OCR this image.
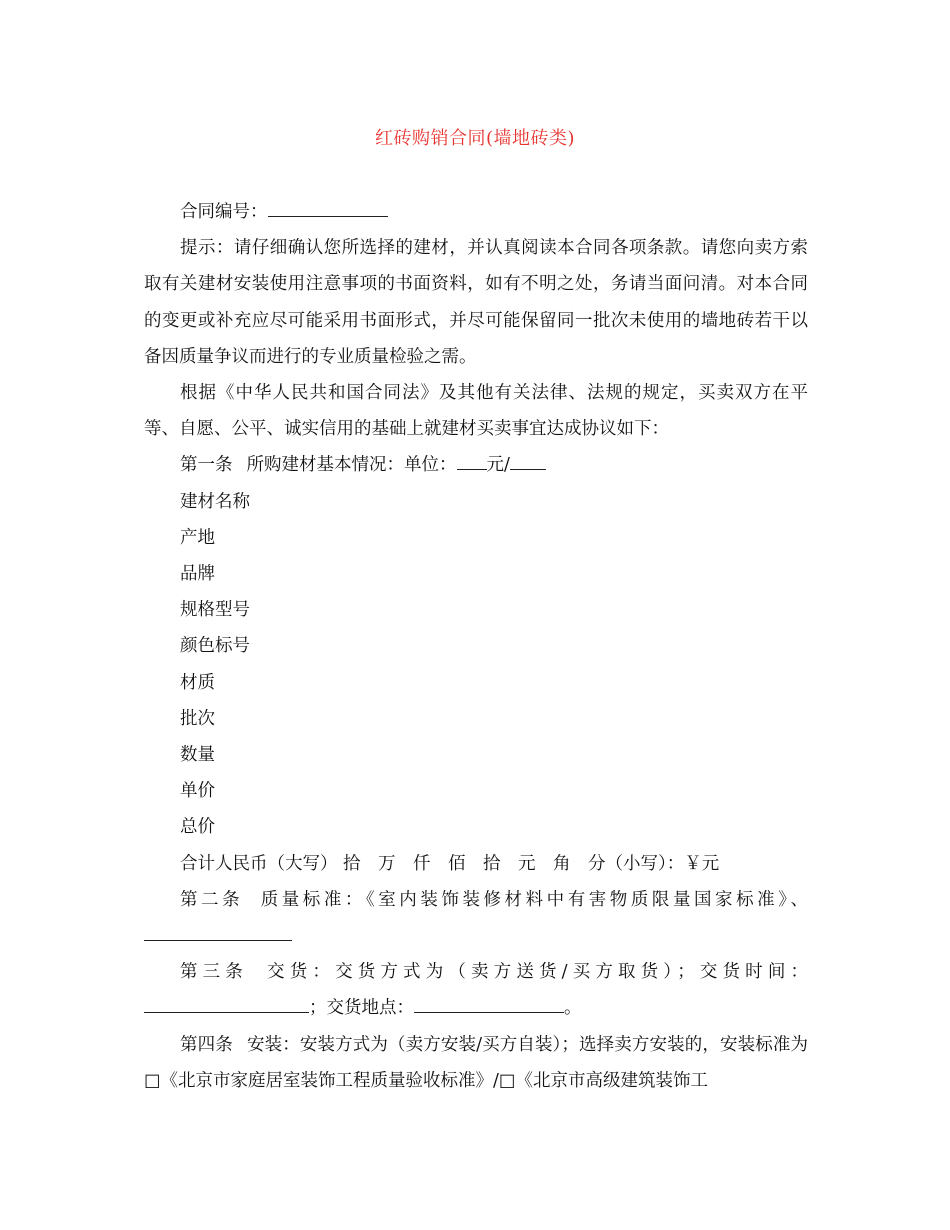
红砖购销合同(墙地砖类)

合同编号：

提示：请仔细确认您所选择的建材，并认真阅读本合同各项条款。请您向卖方索取有关建材安装使用注意事项的书面资料，如有不明之处，务请当面问清。对本合同的变更或补充应尽可能采用书面形式，并尽可能保留同一批次未使用的墙地砖若干以备因质量争议而进行的专业质量检验之需。

根据《中华人民共和国合同法》及其他有关法律、法规的规定，买卖双方在平等、自愿、公平、诚实信用的基础上就建材买卖事宜达成协议如下：

第一条 所购建材基本情况：单位： 元/

建材名称

产地

品牌

规格型号

颜色标号

材质

批次

数量

单价

总价

合计人民币（大写） 拾　万　仟　佰　拾　元　角　分（小写）：￥元

第二条 质量标准：《室内装饰装修材料中有害物质限量国家标准》、

第三条 交货：交货方式为（卖方送货/买方取货）；交货时间：；交货地点：	。

第四条 安装：安装方式为（卖方安装/买方自装）；选择卖方安装的，安装标准为□《北京市家庭居室装饰工程质量验收标准》/□《北京市高级建筑装饰工
